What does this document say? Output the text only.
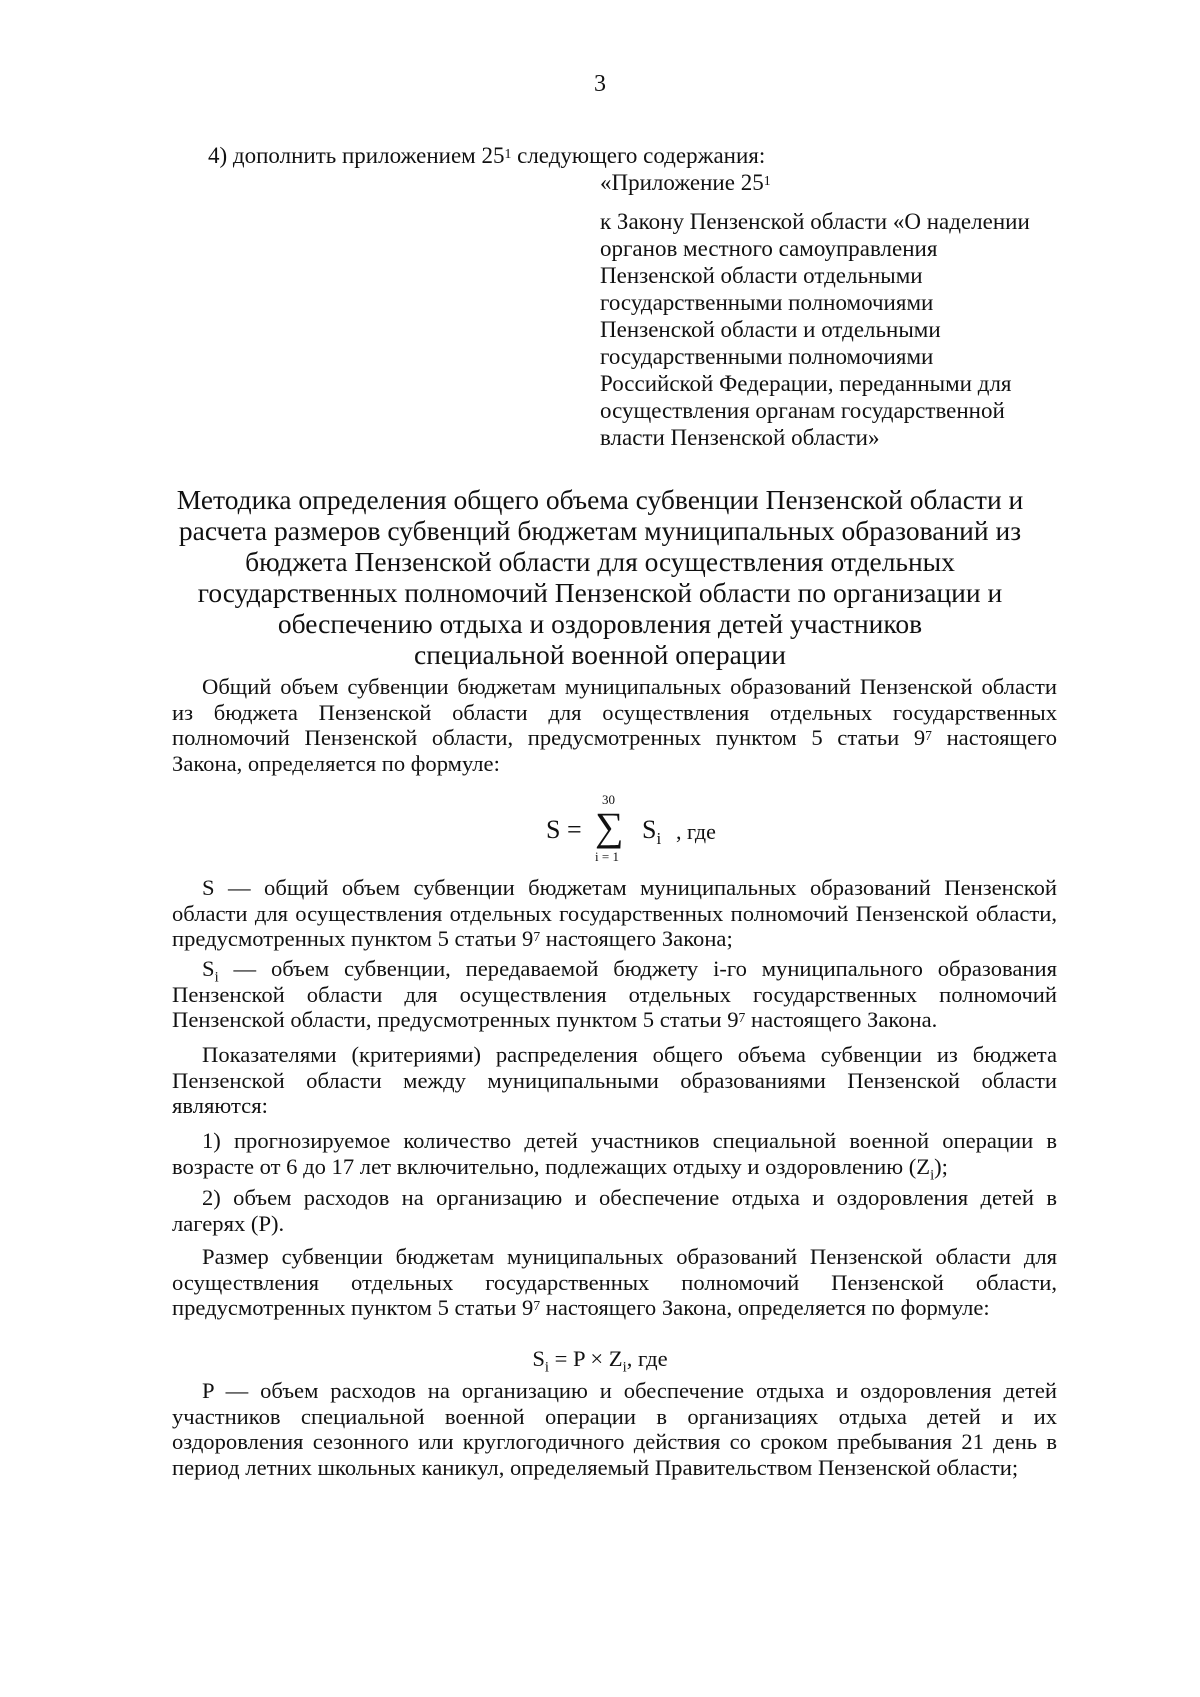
3
4) дополнить приложением $25^1$ следующего содержания:
«Приложение $25^1$
к Закону Пензенской области «О наделении
органов местного самоуправления
Пензенской области отдельными
государственными полномочиями
Пензенской области и отдельными
государственными полномочиями
Российской Федерации, переданными для
осуществления органам государственной
власти Пензенской области»
Методика определения общего объема субвенции Пензенской области и
расчета размеров субвенций бюджетам муниципальных образований из
бюджета Пензенской области для осуществления отдельных
государственных полномочий Пензенской области по организации и
обеспечению отдыха и оздоровления детей участников
специальной военной операции

Общий объем субвенции бюджетам муниципальных образований Пензенской области из бюджета Пензенской области для осуществления отдельных государственных полномочий Пензенской области, предусмотренных пунктом 5 статьи $9^7$ настоящего Закона, определяется по формуле:

S =
30
∑
i = 1
$S_i$ , где

S — общий объем субвенции бюджетам муниципальных образований Пензенской области для осуществления отдельных государственных полномочий Пензенской области, предусмотренных пунктом 5 статьи $9^7$ настоящего Закона;

$S_i$ — объем субвенции, передаваемой бюджету i-го муниципального образования Пензенской области для осуществления отдельных государственных полномочий Пензенской области, предусмотренных пунктом 5 статьи $9^7$ настоящего Закона.

Показателями (критериями) распределения общего объема субвенции из бюджета Пензенской области между муниципальными образованиями Пензенской области являются:

1) прогнозируемое количество детей участников специальной военной операции в возрасте от 6 до 17 лет включительно, подлежащих отдыху и оздоровлению $(Z_i)$;

2) объем расходов на организацию и обеспечение отдыха и оздоровления детей в лагерях (P).

Размер субвенции бюджетам муниципальных образований Пензенской области для осуществления отдельных государственных полномочий Пензенской области, предусмотренных пунктом 5 статьи $9^7$ настоящего Закона, определяется по формуле:

$S_i = P \times Z_i$, где

P — объем расходов на организацию и обеспечение отдыха и оздоровления детей участников специальной военной операции в организациях отдыха детей и их оздоровления сезонного или круглогодичного действия со сроком пребывания 21 день в период летних школьных каникул, определяемый Правительством Пензенской области;
